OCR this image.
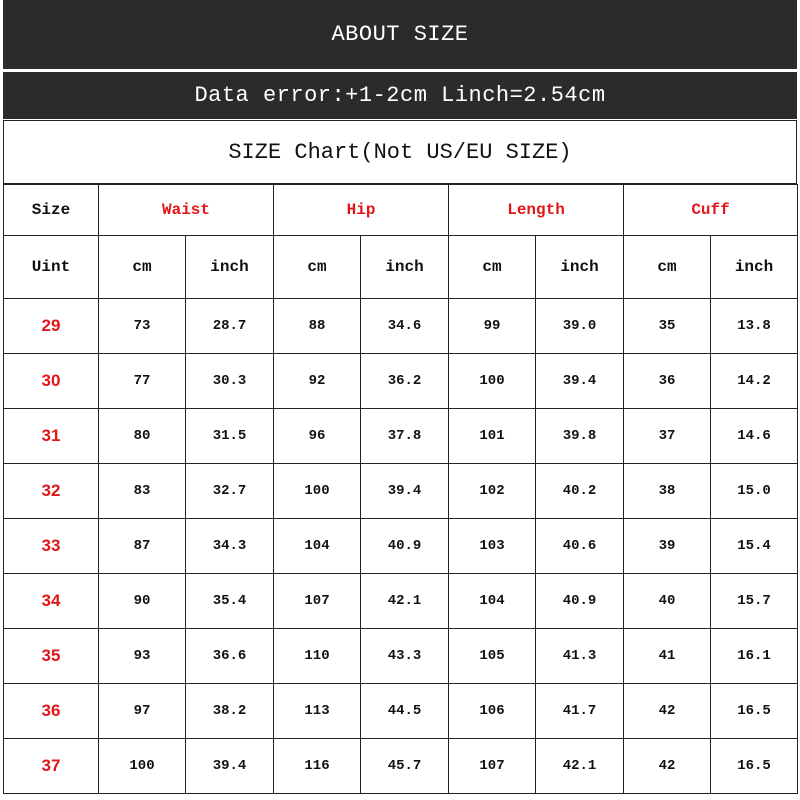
ABOUT SIZE
Data error:+1-2cm Linch=2.54cm
SIZE Chart(Not US/EU SIZE)
Size	Waist		Hip		Length		Cuff	
Uint	cm	inch	cm	inch	cm	inch	cm	inch
29	73	28.7	88	34.6	99	39.0	35	13.8
30	77	30.3	92	36.2	100	39.4	36	14.2
31	80	31.5	96	37.8	101	39.8	37	14.6
32	83	32.7	100	39.4	102	40.2	38	15.0
33	87	34.3	104	40.9	103	40.6	39	15.4
34	90	35.4	107	42.1	104	40.9	40	15.7
35	93	36.6	110	43.3	105	41.3	41	16.1
36	97	38.2	113	44.5	106	41.7	42	16.5
37	100	39.4	116	45.7	107	42.1	42	16.5
